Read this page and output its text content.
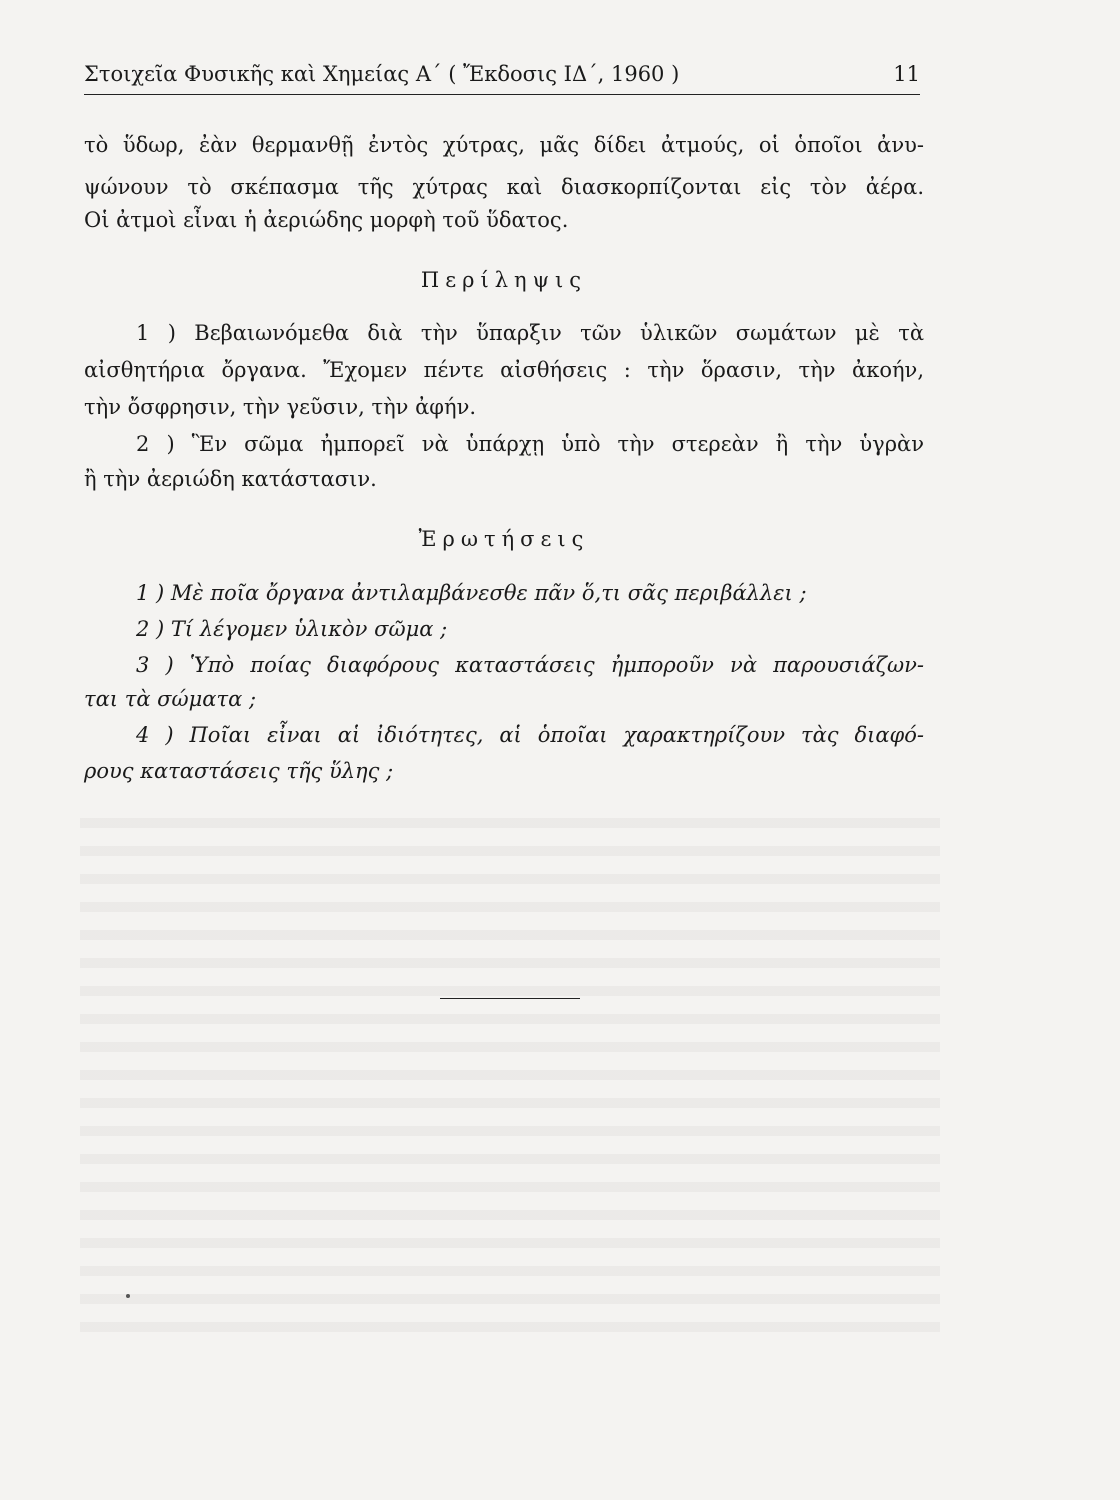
Στοιχεῖα Φυσικῆς καὶ Χημείας Α΄ ( Ἔκδοσις ΙΔ΄, 1960 )	11
τὸ ὕδωρ, ἐὰν θερμανθῇ ἐντὸς χύτρας, μᾶς δίδει ἀτμούς, οἱ ὁποῖοι ἀνυ-
ψώνουν τὸ σκέπασμα τῆς χύτρας καὶ διασκορπίζονται εἰς τὸν ἀέρα.
Οἱ ἀτμοὶ εἶναι ἡ ἀεριώδης μορφὴ τοῦ ὕδατος.
Περίληψις
1 ) Βεβαιωνόμεθα διὰ τὴν ὕπαρξιν τῶν ὑλικῶν σωμάτων μὲ τὰ
αἰσθητήρια ὄργανα. Ἔχομεν πέντε αἰσθήσεις : τὴν ὅρασιν, τὴν ἀκοήν,
τὴν ὄσφρησιν, τὴν γεῦσιν, τὴν ἀφήν.
2 ) Ἓν σῶμα ἠμπορεῖ νὰ ὑπάρχῃ ὑπὸ τὴν στερεὰν ἢ τὴν ὑγρὰν
ἢ τὴν ἀεριώδη κατάστασιν.
Ἐρωτήσεις
1 ) Μὲ ποῖα ὄργανα ἀντιλαμβάνεσθε πᾶν ὅ,τι σᾶς περιβάλλει ;
2 ) Τί λέγομεν ὑλικὸν σῶμα ;
3 ) Ὑπὸ ποίας διαφόρους καταστάσεις ἠμποροῦν νὰ παρουσιάζων-
ται τὰ σώματα ;
4 ) Ποῖαι εἶναι αἱ ἰδιότητες, αἱ ὁποῖαι χαρακτηρίζουν τὰς διαφό-
ρους καταστάσεις τῆς ὕλης ;
